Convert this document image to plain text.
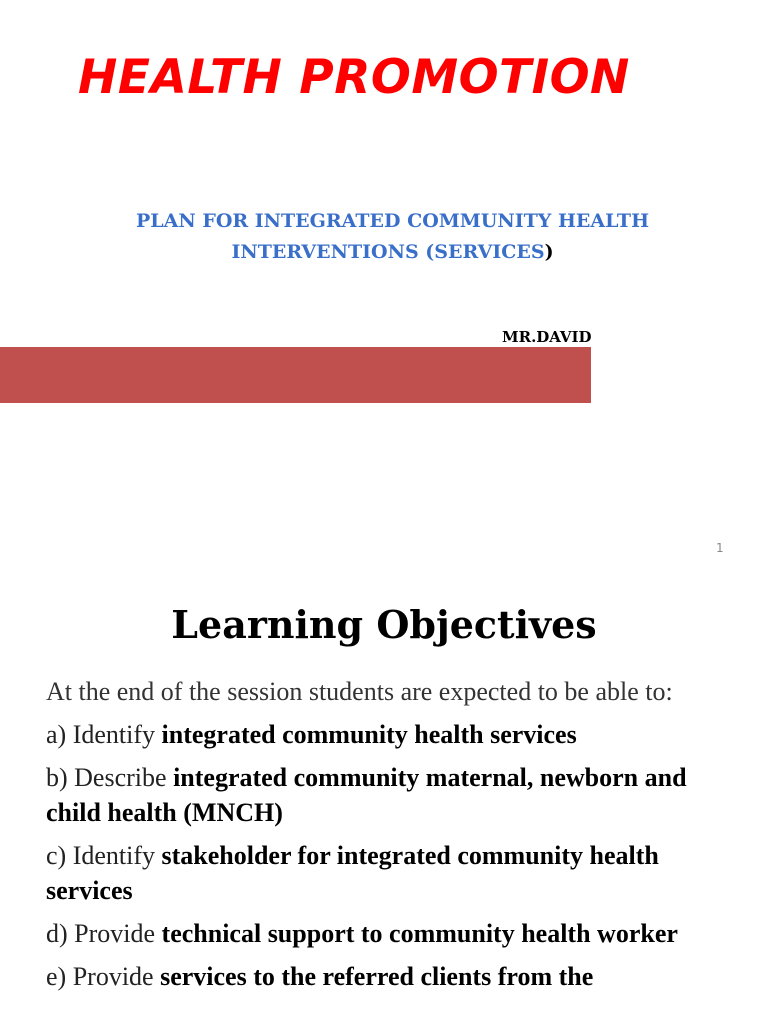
HEALTH PROMOTION
PLAN FOR INTEGRATED COMMUNITY HEALTH
INTERVENTIONS (SERVICES)
MR.DAVID
1
Learning Objectives

At the end of the session students are expected to be able to:

a) Identify integrated community health services

b) Describe integrated community maternal, newborn and child health (MNCH)

c) Identify stakeholder for integrated community health services

d) Provide technical support to community health worker

e) Provide services to the referred clients from the
